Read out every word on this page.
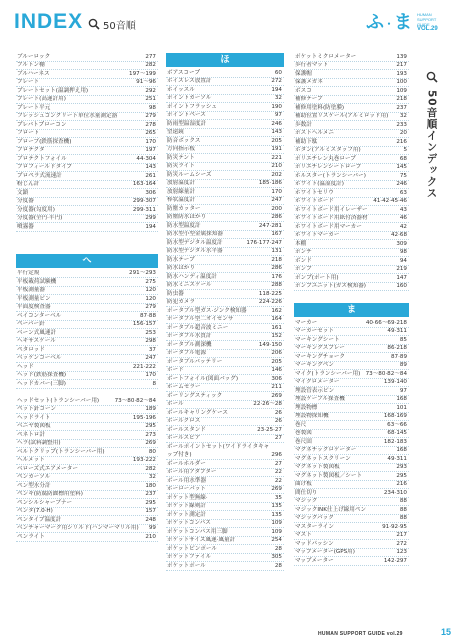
INDEX 50音順	ふ・ま HUMAN
SUPPORT
GUIDE
VOL.29
ブルーロック	277
ブルトン棚	282
ブルハーネス	197〜199
プレート	91〜96
プレートセット(温調押え用)	292
プレート(高速計用)	251
プレート平元	98
フレッシュコンクリート単位水量測定器	279
プレバトプローコン	278
フロート	265
ブローブ(鉄筋探査機)	170
ブロテクタ	197
ブロテクトフォイル	44·304
ブロフィールドタイプ	143
プロペラ式流速計	261
粉じん計	163·164
文鎮	306
分度器	299·307
分度器(勾度用)	299·311
分度器(全円·半円)	299
噴霧器	194
へ
平行定規	291〜293
平板載荷試験機	275
平板測量器	120
平板測量ピン	120
平面度検査器	279
ベイコンターベル	87·88
ペーパー針	156·157
ベーン式風速計	253
ヘキサスケール	298
ペタロッド	37
ベッケンコーベル	247
ヘッド	221·222
ヘッド(鉄筋探査機)	170
ヘッドカバー(三脚)	8
ヘッドセット(トランシーバー用)	73〜80·82〜84
ペット針コーン	189
ヘッドライト	195·196
ベニヤ製図板	295
ペネトロ計	273
ヘラ(試料調整用)	269
ベルトクリップ(トランシーバー用)	80
ヘルメット	193·222
ベローズ式エアメーター	282
ペンカーソル	32
ペン型水分計	180
ペンキ(防腐防蝕標用塗料)	237
ペンシルシャーブナー	295
ペンタ(7.0·H)	157
ペンタイプ温度計	248
ベンチャーマーク用シリルド(ハンマーマリル用)	99
ペンライト	210
ほ
ボアスコープ	60
ボイスレス放置計	272
ホイッスル	194
ポイントカーソル	32
ポイントフラッシュ	190
ポイントペース	97
防雨型温湿度計	246
望遠鏡	143
防音ボックス	205
方向指示板	191
防災テント	221
防災ライト	210
防災ルームシーズ	202
放射温度計	185·186
放射線量計	170
棒状温度計	247
防塵カッター	200
防塵防水ほかり	286
防水型温度計	247·281
防水型小型金属探知器	167
防水型デジタル温度計	176·177·247
防水型デジタル水平器	131
防水テープ	218
防水はかり	286
防水ハンディ温度計	176
防水ミニスケール	288
防虫器	118·225
防犯カメラ	224·226
ポータブル型ガス·ジンク検知器	162
ポータブル型二オイセンサ	164
ポータブル超音波ミニー	161
ポータブル水質計	152
ポータブル測深機	149·150
ポータブル電源	206
ポータブルバッテリー	205
ボード	146
ボートフォイル(図面バッグ)	306
ホームセラー	211
ボーリングスティック	269
ボール	22·26〜28
ボールキャリングケース	26
ボールクロス	26
ボールスタンド	23·25·27
ボールスピア	27
ボールポイントセット(ワイドライタキャップ付き)	296
ボールホルダー	27
ボール用アダプター	22
ボール用水準器	22
ホーローバット	269
ポケット型無線·	35
ポケット線剣計	135
ポケット測定計	135
ポケットコンパス	109
ポケットコンパス用三脚	109
ポケットサイズ風速·風量計	254
ポケットピンポール	28
ポケットファイル	305
ポケットポール	28
ポケットミクロメーター	139
歩行者マット	217
保護帽	193
保護メガネ	100
ボスコ	109
補修テープ	218
補修用塗料(防塗膜)	237
補助位置リスケール(アルミロッド用)	32
歩数計	233
ポストヘルメニ	20
補助下駄	216
ボタン(アルミスタッフ用)	5
ポリエチレン丸巻ロープ	68
ポリエチレンシートロープ	145
ホルスター(トランシーバー)	75
ホワイト(温湿度計)	246
ホワイトセリウ	63
ホワイトボード	41·42·45·46
ホワイトボード用イレーザー	43
ホワイトボード用紙付済器材	46
ホワイトボード用マーカー	42
ホワイトマーカー	42·68
本棚	309
ポンチ	98
ボンド	94
ポンプ	219
ポンプ(ポート用)	147
ポンプユニット(ガス検知器)	160
ま
マーカー	40·66〜69·218
マーカーセット	49·311
マーキングシート	85
マーキングスプレー	86·218
マーキングチョーク	87·89
マーキングペン	89
マイク(トランシーバー用) 73〜80·82〜84
マイクロメーター	139·140
埋設管表示ピン	97
埋設ケーブル探査機	168
埋設物標	101
埋設物探知機	168·169
巻尺	63〜66
巻製図	68·145
巻尺固	182·183
マグネチックロケーター	168
マグネットスクリーン	49·311
マグネット製図板	293
マグネット製図板／シート	295
曲げ板	216
間仕切り	234·310
マジック	88
マジックINK仕上げ線用ペン	88
マジックパック	88
マスターライン	91·92·95
マスト	217
マッドパッシン	272
マップメーター(GPS用)	123
マップメーター	142·297
50音順インデックス
HUMAN SUPPORT GUIDE vol.29	15
